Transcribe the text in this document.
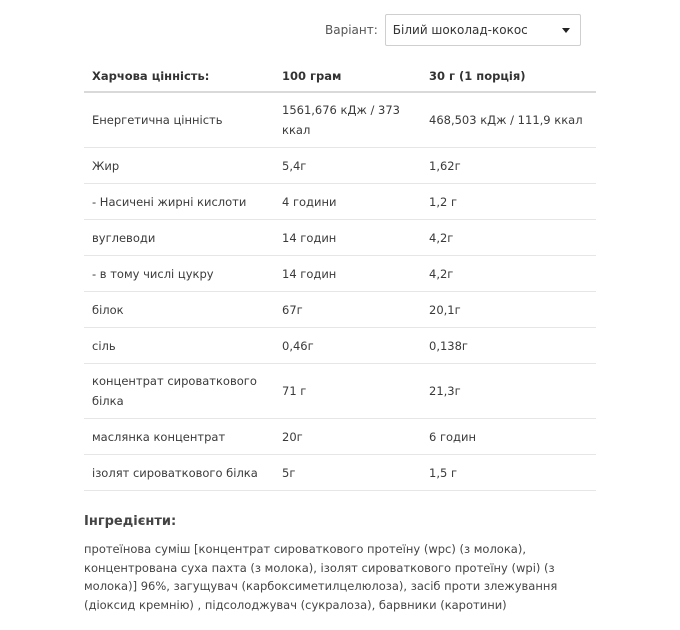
Варіант: Білий шоколад-кокос
Харчова цінність:	100 грам	30 г (1 порція)
Енергетична цінність	1561,676 кДж / 373 ккал	468,503 кДж / 111,9 ккал
Жир	5,4г	1,62г
- Насичені жирні кислоти	4 години	1,2 г
вуглеводи	14 годин	4,2г
- в тому числі цукру	14 годин	4,2г
білок	67г	20,1г
сіль	0,46г	0,138г
концентрат сироваткового білка	71 г	21,3г
маслянка концентрат	20г	6 годин
ізолят сироваткового білка	5г	1,5 г
Інгредієнти:
протеїнова суміш [концентрат сироваткового протеїну (wpc) (з молока), концентрована суха пахта (з молока), ізолят сироваткового протеїну (wpi) (з молока)] 96%, загущувач (карбоксиметилцелюлоза), засіб проти злежування (діоксид кремнію) , підсолоджувач (сукралоза), барвники (каротини)
